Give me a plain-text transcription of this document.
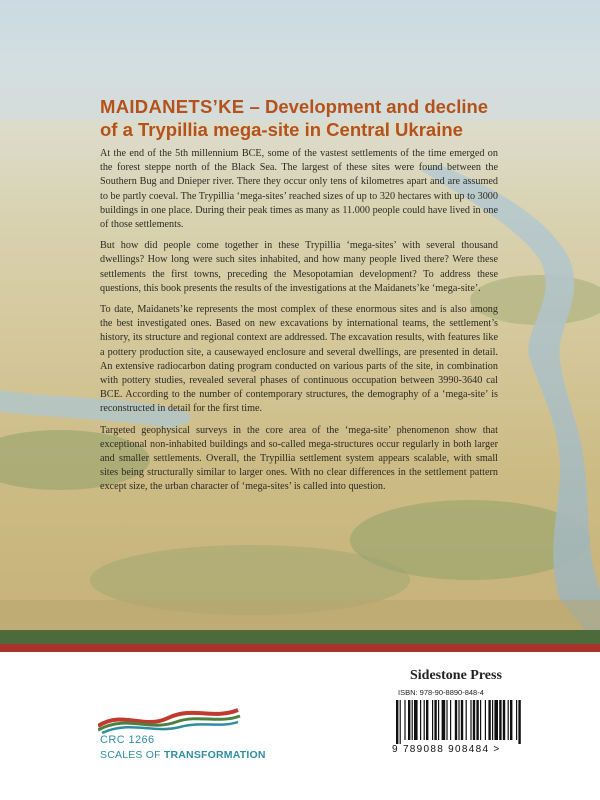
MAIDANETS’KE – Development and decline of a Trypillia mega-site in Central Ukraine

At the end of the 5th millennium BCE, some of the vastest settlements of the time emerged on the forest steppe north of the Black Sea. The largest of these sites were found between the Southern Bug and Dnieper river. There they occur only tens of kilometres apart and are assumed to be partly coeval. The Trypillia ‘mega-sites’ reached sizes of up to 320 hectares with up to 3000 buildings in one place. During their peak times as many as 11.000 people could have lived in one of those settlements.

But how did people come together in these Trypillia ‘mega-sites’ with several thousand dwellings? How long were such sites inhabited, and how many people lived there? Were these settlements the first towns, preceding the Mesopotamian development? To address these questions, this book presents the results of the investigations at the Maidanets’ke ‘mega-site’.

To date, Maidanets’ke represents the most complex of these enormous sites and is also among the best investigated ones. Based on new excavations by international teams, the settlement’s history, its structure and regional context are addressed. The excavation results, with features like a pottery production site, a causewayed enclosure and several dwellings, are presented in detail. An extensive radiocarbon dating program conducted on various parts of the site, in combination with pottery studies, revealed several phases of continuous occupation between 3990-3640 cal BCE. According to the number of contemporary structures, the demography of a ‘mega-site’ is reconstructed in detail for the first time.

Targeted geophysical surveys in the core area of the ‘mega-site’ phenomenon show that exceptional non-inhabited buildings and so-called mega-structures occur regularly in both larger and smaller settlements. Overall, the Trypillia settlement system appears scalable, with small sites being structurally similar to larger ones. With no clear differences in the settlement pattern except size, the urban character of ‘mega-sites’ is called into question.

CRC 1266
SCALES OF TRANSFORMATION
Sidestone Press
ISBN: 978-90-8890-848-4
9 789088 908484 >
